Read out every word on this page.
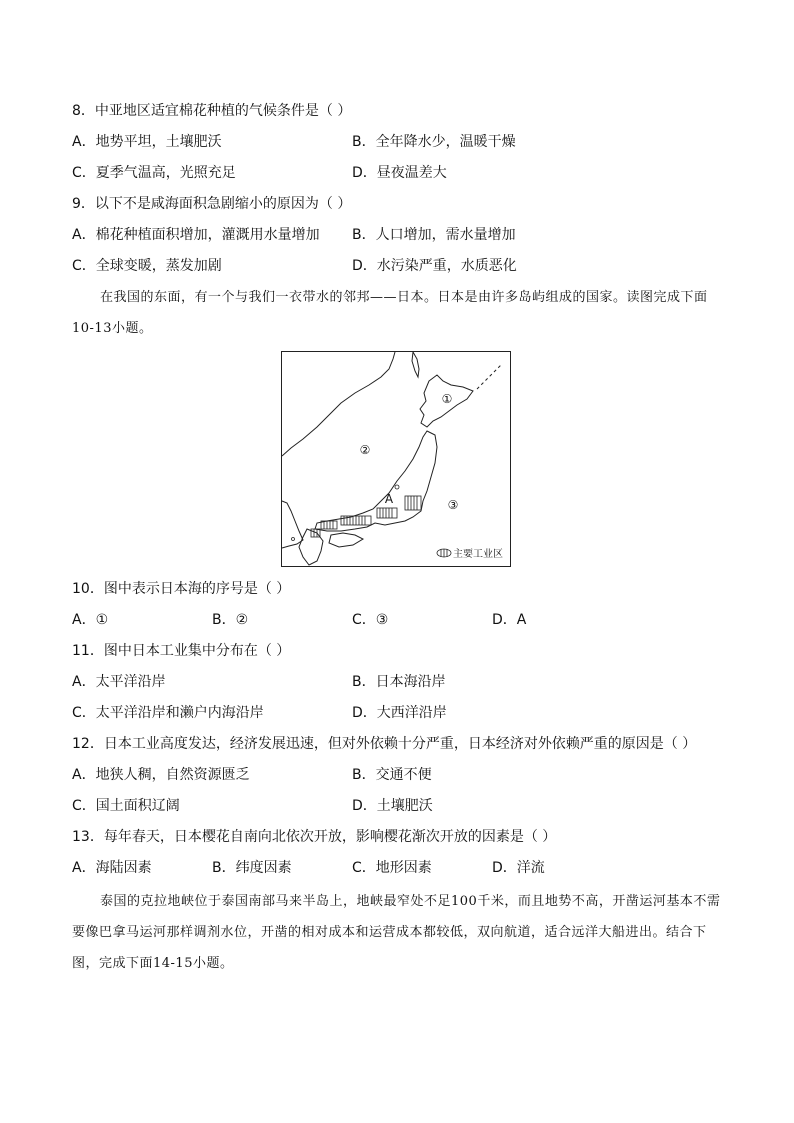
8．中亚地区适宜棉花种植的气候条件是（ ）
A．地势平坦，土壤肥沃	B．全年降水少，温暖干燥
C．夏季气温高，光照充足	D．昼夜温差大
9．以下不是咸海面积急剧缩小的原因为（ ）
A．棉花种植面积增加，灌溉用水量增加 B．人口增加，需水量增加
C．全球变暖，蒸发加剧	D．水污染严重，水质恶化
在我国的东面，有一个与我们一衣带水的邻邦——日本。日本是由许多岛屿组成的国家。读图完成下面10-13小题。
①
②
③
A
主要工业区
10．图中表示日本海的序号是（ ）
A．①	B．②	C．③	D．A
11．图中日本工业集中分布在（ ）
A．太平洋沿岸	B．日本海沿岸
C．太平洋沿岸和濑户内海沿岸	D．大西洋沿岸
12．日本工业高度发达，经济发展迅速，但对外依赖十分严重，日本经济对外依赖严重的原因是（ ）
A．地狭人稠，自然资源匮乏	B．交通不便
C．国土面积辽阔	D．土壤肥沃
13．每年春天，日本樱花自南向北依次开放，影响樱花渐次开放的因素是（ ）
A．海陆因素	B．纬度因素	C．地形因素	D．洋流
泰国的克拉地峡位于泰国南部马来半岛上，地峡最窄处不足100千米，而且地势不高，开凿运河基本不需要像巴拿马运河那样调剂水位，开凿的相对成本和运营成本都较低，双向航道，适合远洋大船进出。结合下图，完成下面14-15小题。
